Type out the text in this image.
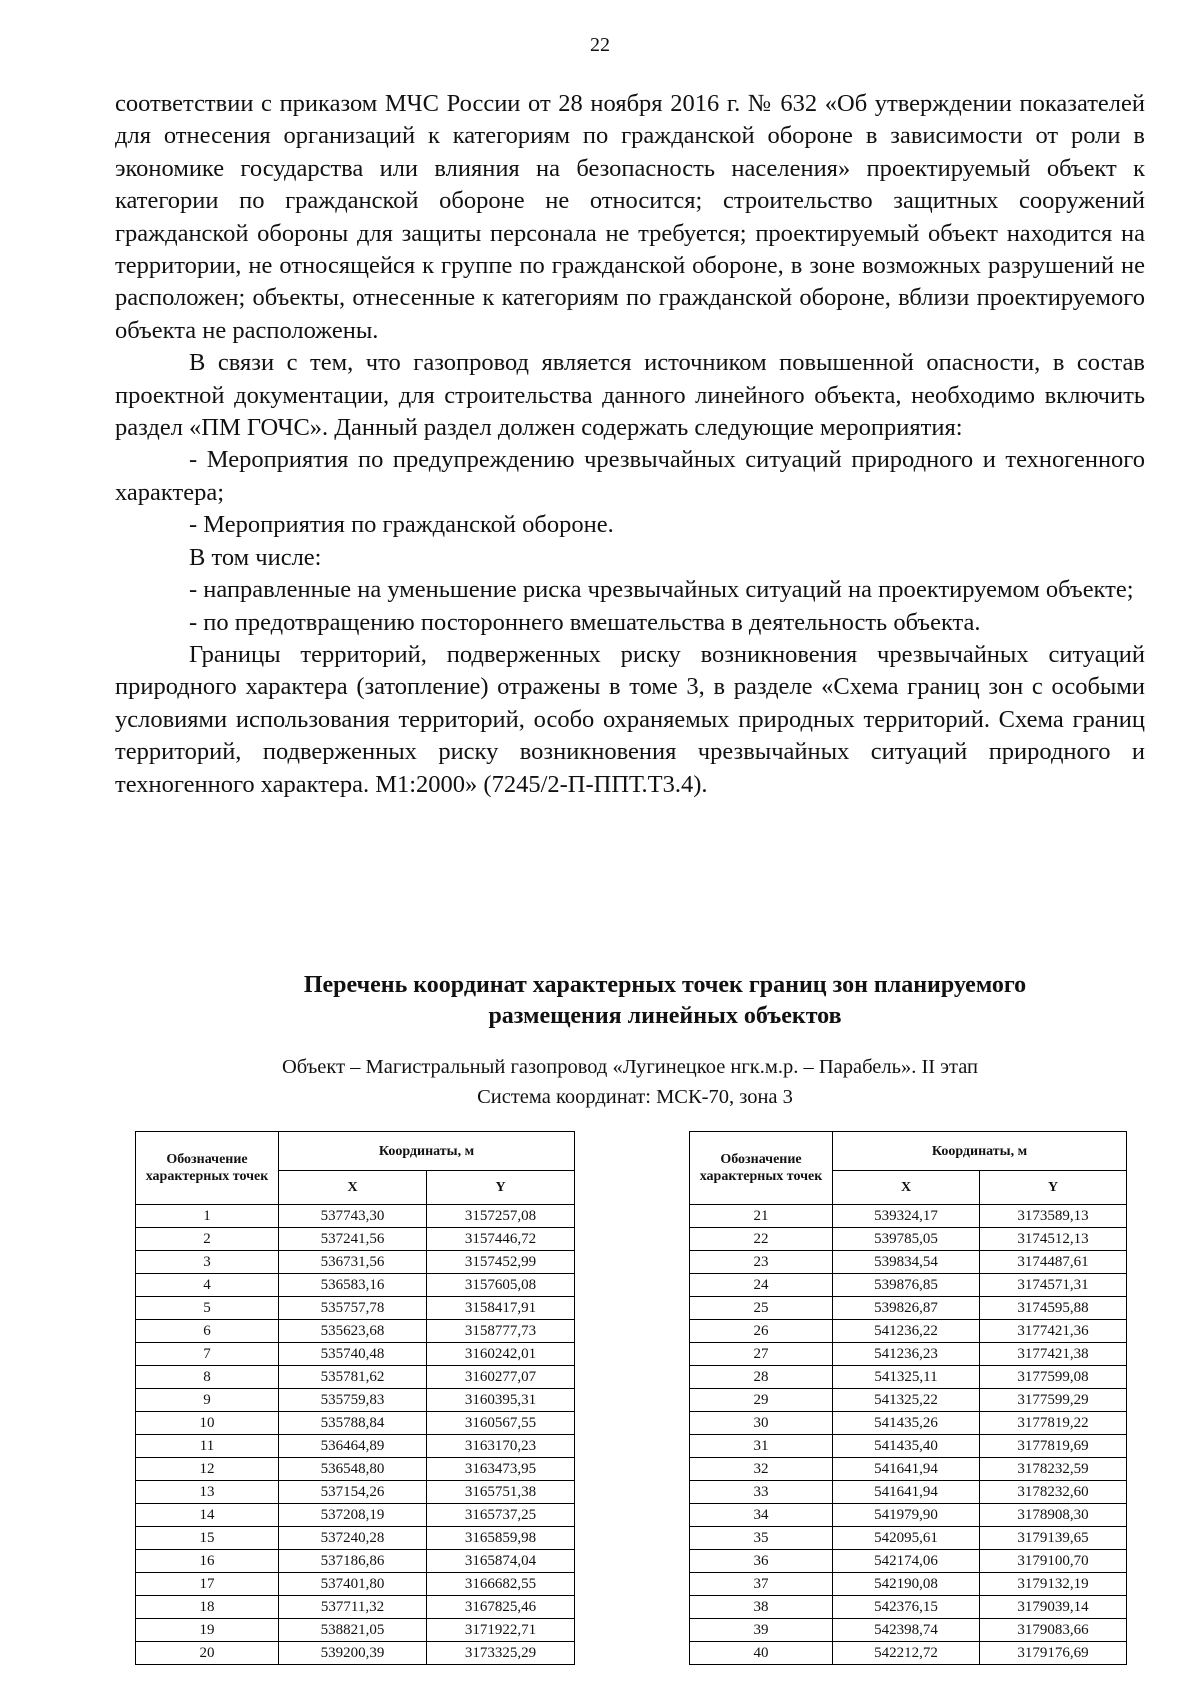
22

соответствии с приказом МЧС России от 28 ноября 2016 г. № 632 «Об утверждении показателей для отнесения организаций к категориям по гражданской обороне в зависимости от роли в экономике государства или влияния на безопасность населения» проектируемый объект к категории по гражданской обороне не относится; строительство защитных сооружений гражданской обороны для защиты персонала не требуется; проектируемый объект находится на территории, не относящейся к группе по гражданской обороне, в зоне возможных разрушений не расположен; объекты, отнесенные к категориям по гражданской обороне, вблизи проектируемого объекта не расположены.

В связи с тем, что газопровод является источником повышенной опасности, в состав проектной документации, для строительства данного линейного объекта, необходимо включить раздел «ПМ ГОЧС». Данный раздел должен содержать следующие мероприятия:

- Мероприятия по предупреждению чрезвычайных ситуаций природного и техногенного характера;

- Мероприятия по гражданской обороне.

В том числе:

- направленные на уменьшение риска чрезвычайных ситуаций на проектируемом объекте;

- по предотвращению постороннего вмешательства в деятельность объекта.

Границы территорий, подверженных риску возникновения чрезвычайных ситуаций природного характера (затопление) отражены в томе 3, в разделе «Схема границ зон с особыми условиями использования территорий, особо охраняемых природных территорий. Схема границ территорий, подверженных риску возникновения чрезвычайных ситуаций природного и техногенного характера. М1:2000» (7245/2-П-ППТ.Т3.4).

Перечень координат характерных точек границ зон планируемого
размещения линейных объектов
Объект – Магистральный газопровод «Лугинецкое нгк.м.р. – Парабель». II этап
Система координат: МСК-70, зона 3
Обозначение характерных точек	Координаты, м	
	X	Y
1	537743,30	3157257,08
2	537241,56	3157446,72
3	536731,56	3157452,99
4	536583,16	3157605,08
5	535757,78	3158417,91
6	535623,68	3158777,73
7	535740,48	3160242,01
8	535781,62	3160277,07
9	535759,83	3160395,31
10	535788,84	3160567,55
11	536464,89	3163170,23
12	536548,80	3163473,95
13	537154,26	3165751,38
14	537208,19	3165737,25
15	537240,28	3165859,98
16	537186,86	3165874,04
17	537401,80	3166682,55
18	537711,32	3167825,46
19	538821,05	3171922,71
20	539200,39	3173325,29
Обозначение характерных точек	Координаты, м	
	X	Y
21	539324,17	3173589,13
22	539785,05	3174512,13
23	539834,54	3174487,61
24	539876,85	3174571,31
25	539826,87	3174595,88
26	541236,22	3177421,36
27	541236,23	3177421,38
28	541325,11	3177599,08
29	541325,22	3177599,29
30	541435,26	3177819,22
31	541435,40	3177819,69
32	541641,94	3178232,59
33	541641,94	3178232,60
34	541979,90	3178908,30
35	542095,61	3179139,65
36	542174,06	3179100,70
37	542190,08	3179132,19
38	542376,15	3179039,14
39	542398,74	3179083,66
40	542212,72	3179176,69
